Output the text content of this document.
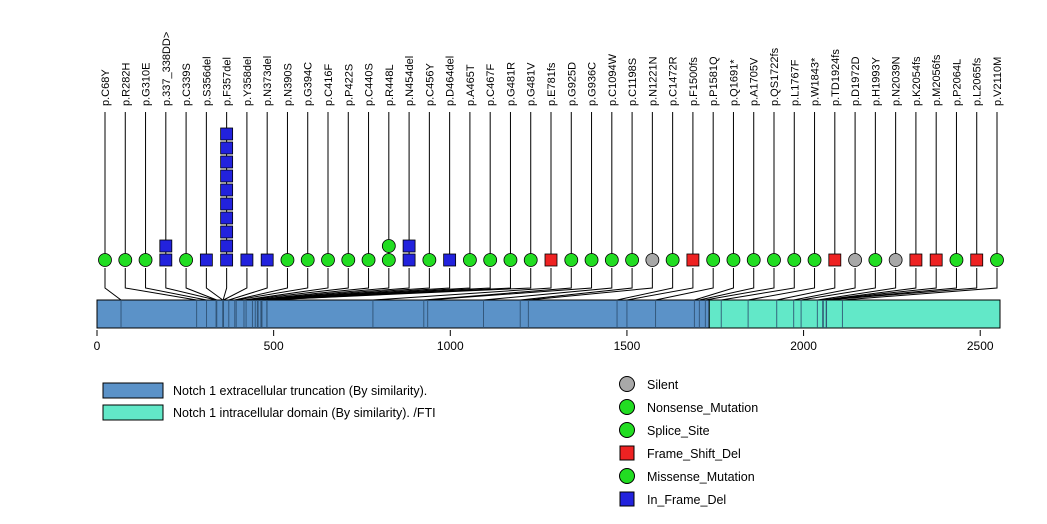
p.C68Y p.R282H p.G310E p.337_338DD> p.C339S p.S356del p.F357del p.Y358del p.N373del p.N390S p.G394C p.C416F p.P422S p.C440S p.R448L p.N454del p.C456Y p.D464del p.A465T p.C467F p.G481R p.G481V p.E781fs p.G925D p.G936C p.C1094W p.C1198S p.N1221N p.C1472R p.F1500fs p.P1581Q p.Q1691* p.A1705V p.QS1722fs p.L1767F p.W1843* p.TD1924fs p.D1972D p.H1993Y p.N2039N p.K2054fs p.M2056fs p.P2064L p.L2065fs p.V2110M
0	500	1000	1500	2000	2500
Notch 1 extracellular truncation (By similarity).
Notch 1 intracellular domain (By similarity). /FTI
Silent
Nonsense_Mutation
Splice_Site
Frame_Shift_Del
Missense_Mutation
In_Frame_Del
